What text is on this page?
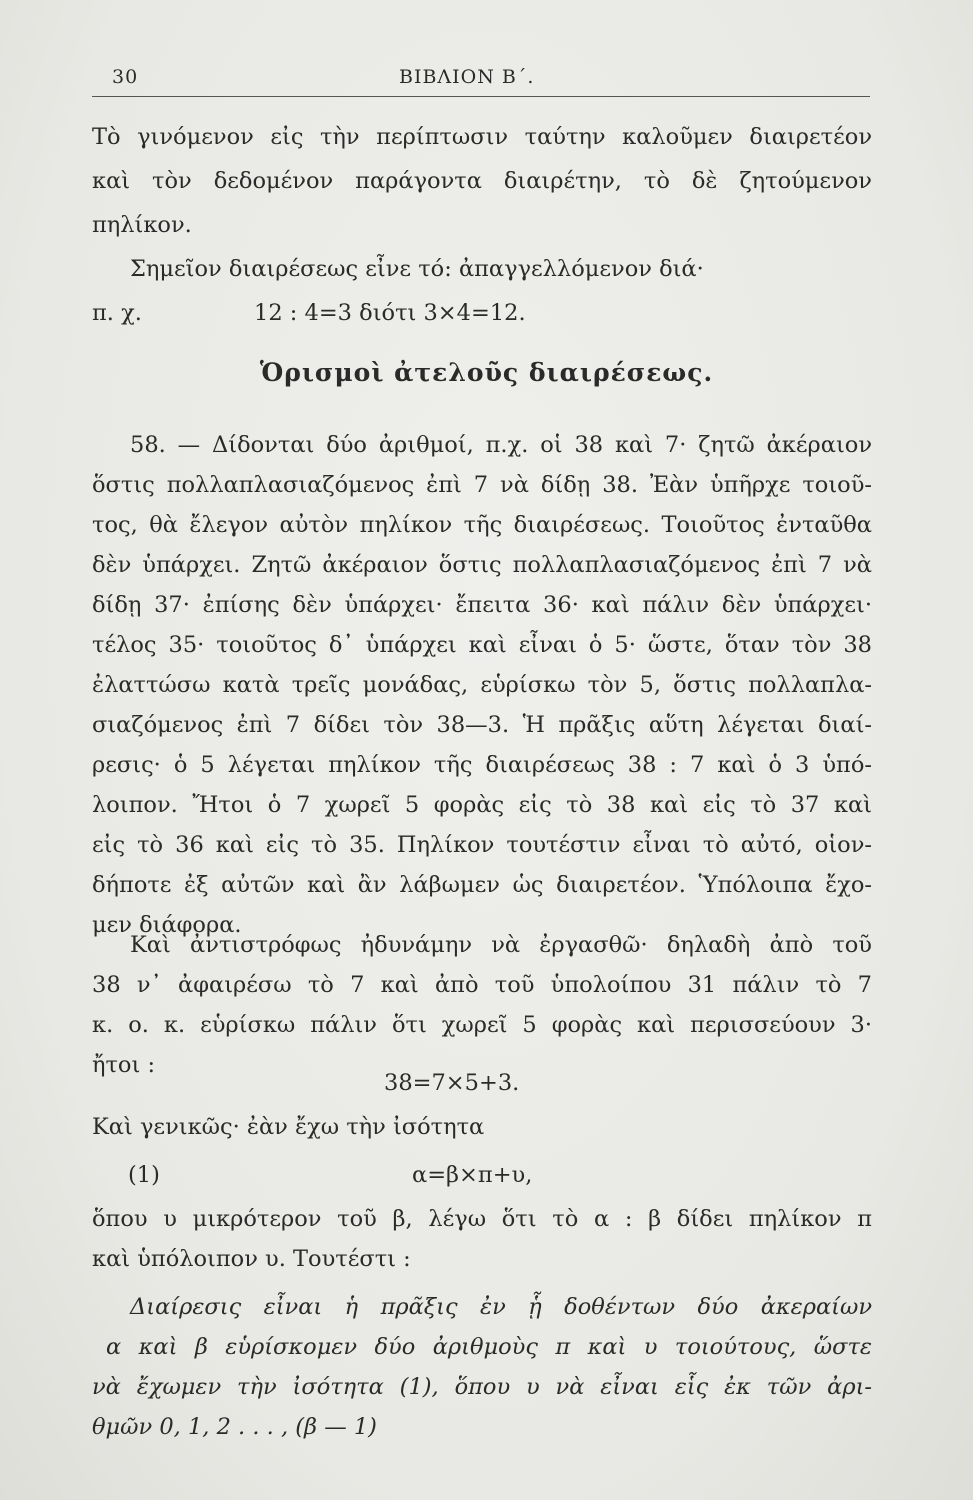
30	ΒΙΒΛΙΟΝ Β΄.
Τὸ γινόμενον εἰς τὴν περίπτωσιν ταύτην καλοῦμεν διαιρετέον
καὶ τὸν δεδομένον παράγοντα διαιρέτην, τὸ δὲ ζητούμενον
πηλίκον.
Σημεῖον διαιρέσεως εἶνε τό: ἀπαγγελλόμενον διά·
π. χ.	12 : 4=3 διότι 3×4=12.
Ὁρισμοὶ ἀτελοῦς διαιρέσεως.
58. — Δίδονται δύο ἀριθμοί, π.χ. οἱ 38 καὶ 7· ζητῶ ἀκέραιον
ὅστις πολλαπλασιαζόμενος ἐπὶ 7 νὰ δίδῃ 38. Ἐὰν ὑπῆρχε τοιοῦ-
τος, θὰ ἔλεγον αὐτὸν πηλίκον τῆς διαιρέσεως. Τοιοῦτος ἐνταῦθα
δὲν ὑπάρχει. Ζητῶ ἀκέραιον ὅστις πολλαπλασιαζόμενος ἐπὶ 7 νὰ
δίδῃ 37· ἐπίσης δὲν ὑπάρχει· ἔπειτα 36· καὶ πάλιν δὲν ὑπάρχει·
τέλος 35· τοιοῦτος δ᾽ ὑπάρχει καὶ εἶναι ὁ 5· ὥστε, ὅταν τὸν 38
ἐλαττώσω κατὰ τρεῖς μονάδας, εὑρίσκω τὸν 5, ὅστις πολλαπλα-
σιαζόμενος ἐπὶ 7 δίδει τὸν 38—3. Ἡ πρᾶξις αὕτη λέγεται διαί-
ρεσις· ὁ 5 λέγεται πηλίκον τῆς διαιρέσεως 38 : 7 καὶ ὁ 3 ὑπό-
λοιπον. Ἤτοι ὁ 7 χωρεῖ 5 φορὰς εἰς τὸ 38 καὶ εἰς τὸ 37 καὶ
εἰς τὸ 36 καὶ εἰς τὸ 35. Πηλίκον τουτέστιν εἶναι τὸ αὐτό, οἱον-
δήποτε ἐξ αὐτῶν καὶ ἂν λάβωμεν ὡς διαιρετέον. Ὑπόλοιπα ἔχο-
μεν διάφορα.
Καὶ ἀντιστρόφως ἠδυνάμην νὰ ἐργασθῶ· δηλαδὴ ἀπὸ τοῦ
38 ν᾽ ἀφαιρέσω τὸ 7 καὶ ἀπὸ τοῦ ὑπολοίπου 31 πάλιν τὸ 7
κ. ο. κ. εὑρίσκω πάλιν ὅτι χωρεῖ 5 φορὰς καὶ περισσεύουν 3·
ἤτοι :
38=7×5+3.
Καὶ γενικῶς· ἐὰν ἔχω τὴν ἰσότητα
(1)	α=β×π+υ,
ὅπου υ μικρότερον τοῦ β, λέγω ὅτι τὸ α : β δίδει πηλίκον π
καὶ ὑπόλοιπον υ. Τουτέστι :
Διαίρεσις εἶναι ἡ πρᾶξις ἐν ᾗ δοθέντων δύο ἀκεραίων
α καὶ β εὑρίσκομεν δύο ἀριθμοὺς π καὶ υ τοιούτους, ὥστε
νὰ ἔχωμεν τὴν ἰσότητα (1), ὅπου υ νὰ εἶναι εἷς ἐκ τῶν ἀρι-
θμῶν 0, 1, 2 . . . , (β — 1)
